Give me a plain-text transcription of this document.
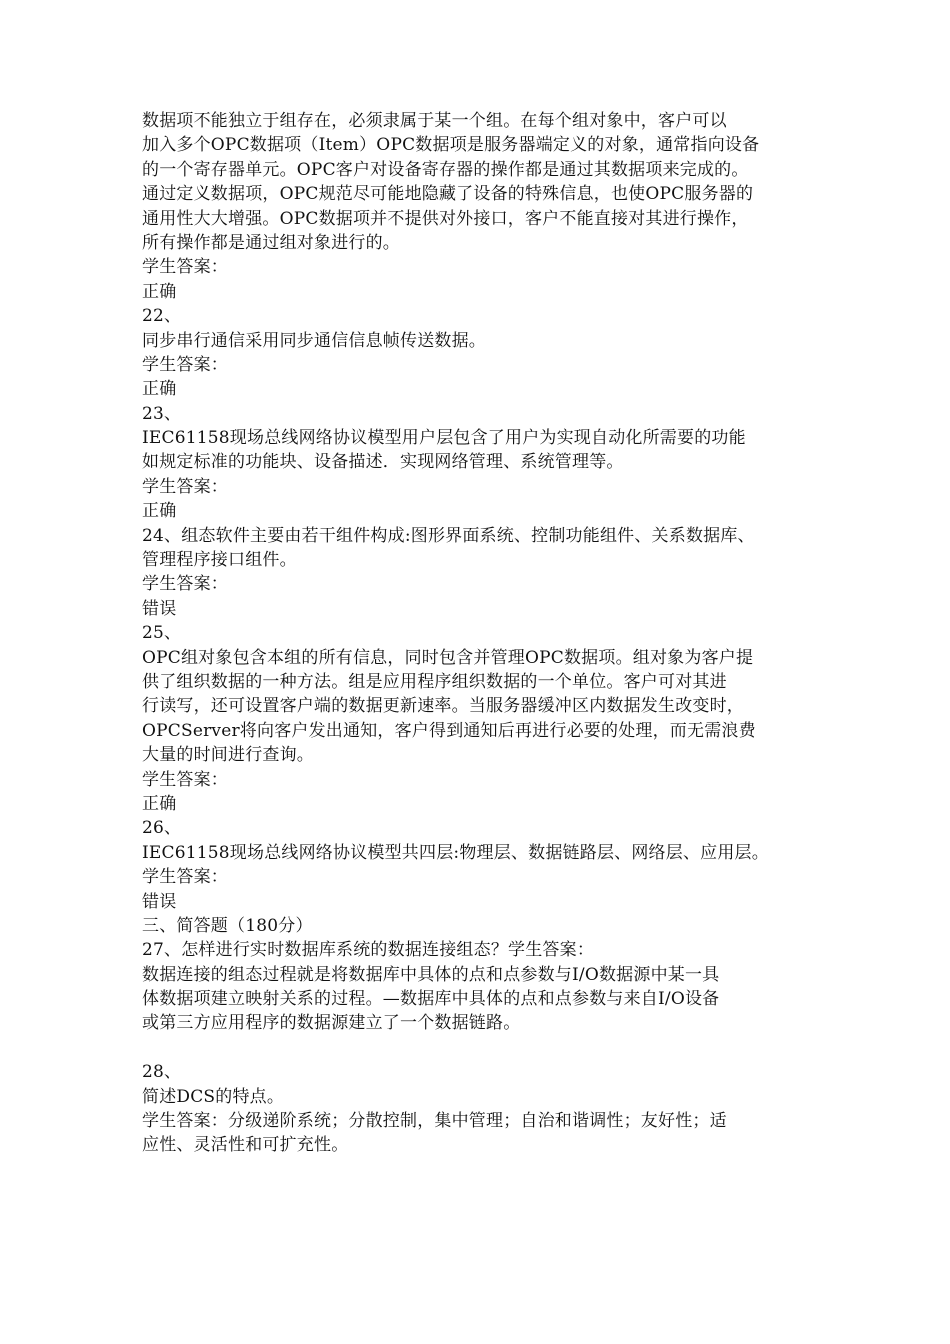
数据项不能独立于组存在，必须隶属于某一个组。在每个组对象中，客户可以
加入多个OPC数据项（Item）OPC数据项是服务器端定义的对象，通常指向设备
的一个寄存器单元。OPC客户对设备寄存器的操作都是通过其数据项来完成的。
通过定义数据项，OPC规范尽可能地隐藏了设备的特殊信息，也使OPC服务器的
通用性大大增强。OPC数据项并不提供对外接口，客户不能直接对其进行操作，
所有操作都是通过组对象进行的。
学生答案：
正确
22、
同步串行通信采用同步通信信息帧传送数据。
学生答案：
正确
23、
IEC61158现场总线网络协议模型用户层包含了用户为实现自动化所需要的功能
如规定标准的功能块、设备描述．实现网络管理、系统管理等。
学生答案：
正确
24、组态软件主要由若干组件构成:图形界面系统、控制功能组件、关系数据库、
管理程序接口组件。
学生答案：
错误
25、
OPC组对象包含本组的所有信息，同时包含并管理OPC数据项。组对象为客户提
供了组织数据的一种方法。组是应用程序组织数据的一个单位。客户可对其进
行读写，还可设置客户端的数据更新速率。当服务器缓冲区内数据发生改变时，
OPCServer将向客户发出通知，客户得到通知后再进行必要的处理，而无需浪费
大量的时间进行查询。
学生答案：
正确
26、
IEC61158现场总线网络协议模型共四层:物理层、数据链路层、网络层、应用层。
学生答案：
错误
三、简答题（180分）
27、怎样进行实时数据库系统的数据连接组态？学生答案：
数据连接的组态过程就是将数据库中具体的点和点参数与I/O数据源中某一具
体数据项建立映射关系的过程。—数据库中具体的点和点参数与来自I/O设备
或第三方应用程序的数据源建立了一个数据链路。
28、
简述DCS的特点。
学生答案：分级递阶系统；分散控制，集中管理；自治和谐调性；友好性；适
应性、灵活性和可扩充性。
